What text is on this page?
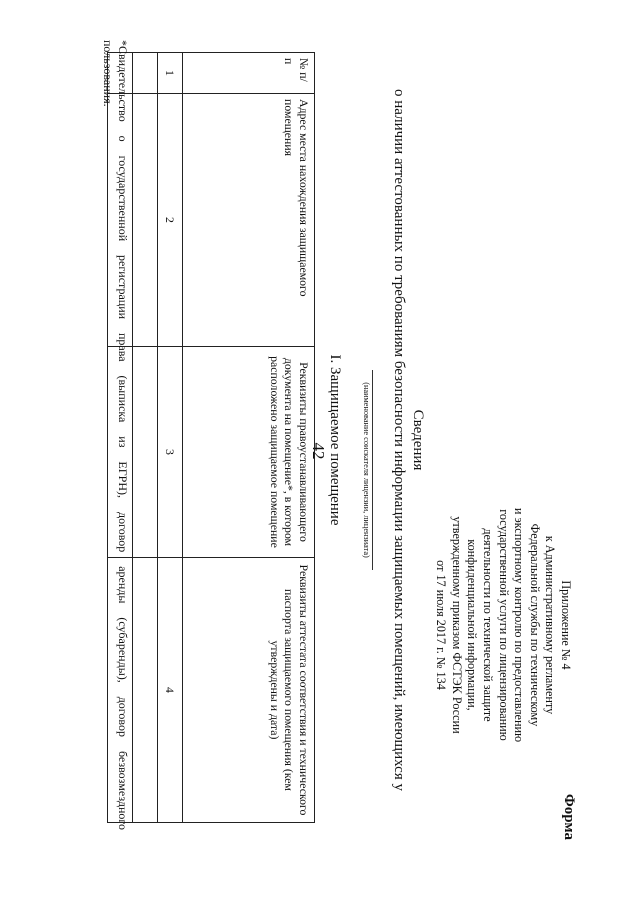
42
Приложение № 4
к Административному регламенту
Федеральной службы по техническому
и экспортному контролю по предоставлению
государственной услуги по лицензированию
деятельности по технической защите
конфиденциальной информации,
утвержденному приказом ФСТЭК России
от 17 июля 2017 г. № 134
Форма
Сведения
о наличии аттестованных по требованиям безопасности информации защищаемых помещений, имеющихся у
(наименование соискателя лицензии, лицензиата)
I. Защищаемое помещение
№ п/п	Адрес места нахождения защищаемого помещения	Реквизиты правоустанавливающего документа на помещение*, в котором расположено защищаемое помещение	Реквизиты аттестата соответствия и технического паспорта защищаемого помещения (кем утверждены и дата)
1	2	3	4

*Свидетельство о государственной регистрации права (выписка из ЕГРН), договор аренды (субаренды), договор безвозмездного пользования.
